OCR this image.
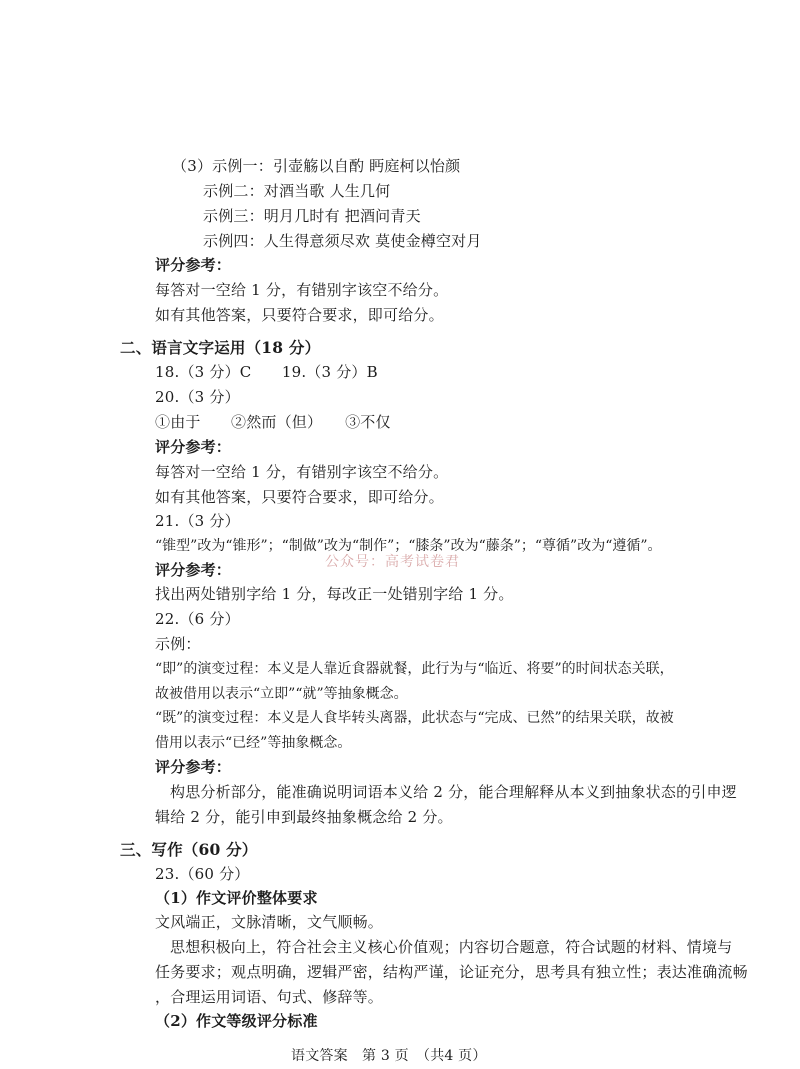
（3）示例一：引壶觞以自酌 眄庭柯以怡颜
示例二：对酒当歌 人生几何
示例三：明月几时有 把酒问青天
示例四：人生得意须尽欢 莫使金樽空对月
评分参考：
每答对一空给 1 分，有错别字该空不给分。
如有其他答案，只要符合要求，即可给分。
二、语言文字运用（18 分）
18.（3 分）C　　19.（3 分）B
20.（3 分）
①由于　　②然而（但）　　③不仅
评分参考：
每答对一空给 1 分，有错别字该空不给分。
如有其他答案，只要符合要求，即可给分。
21.（3 分）
“锥型”改为“锥形”；“制做”改为“制作”；“膝条”改为“藤条”；“尊循”改为“遵循”。
评分参考：	公众号：高考试卷君
找出两处错别字给 1 分，每改正一处错别字给 1 分。
22.（6 分）
示例：
“即”的演变过程：本义是人靠近食器就餐，此行为与“临近、将要”的时间状态关联，
故被借用以表示“立即”“就”等抽象概念。
“既”的演变过程：本义是人食毕转头离器，此状态与“完成、已然”的结果关联，故被
借用以表示“已经”等抽象概念。
评分参考：
构思分析部分，能准确说明词语本义给 2 分，能合理解释从本义到抽象状态的引申逻
辑给 2 分，能引申到最终抽象概念给 2 分。
三、写作（60 分）
23.（60 分）
（1）作文评价整体要求
文风端正，文脉清晰，文气顺畅。
思想积极向上，符合社会主义核心价值观；内容切合题意，符合试题的材料、情境与
任务要求；观点明确，逻辑严密，结构严谨，论证充分，思考具有独立性；表达准确流畅
，合理运用词语、句式、修辞等。
（2）作文等级评分标准
语文答案　第 3 页　（共4 页）
